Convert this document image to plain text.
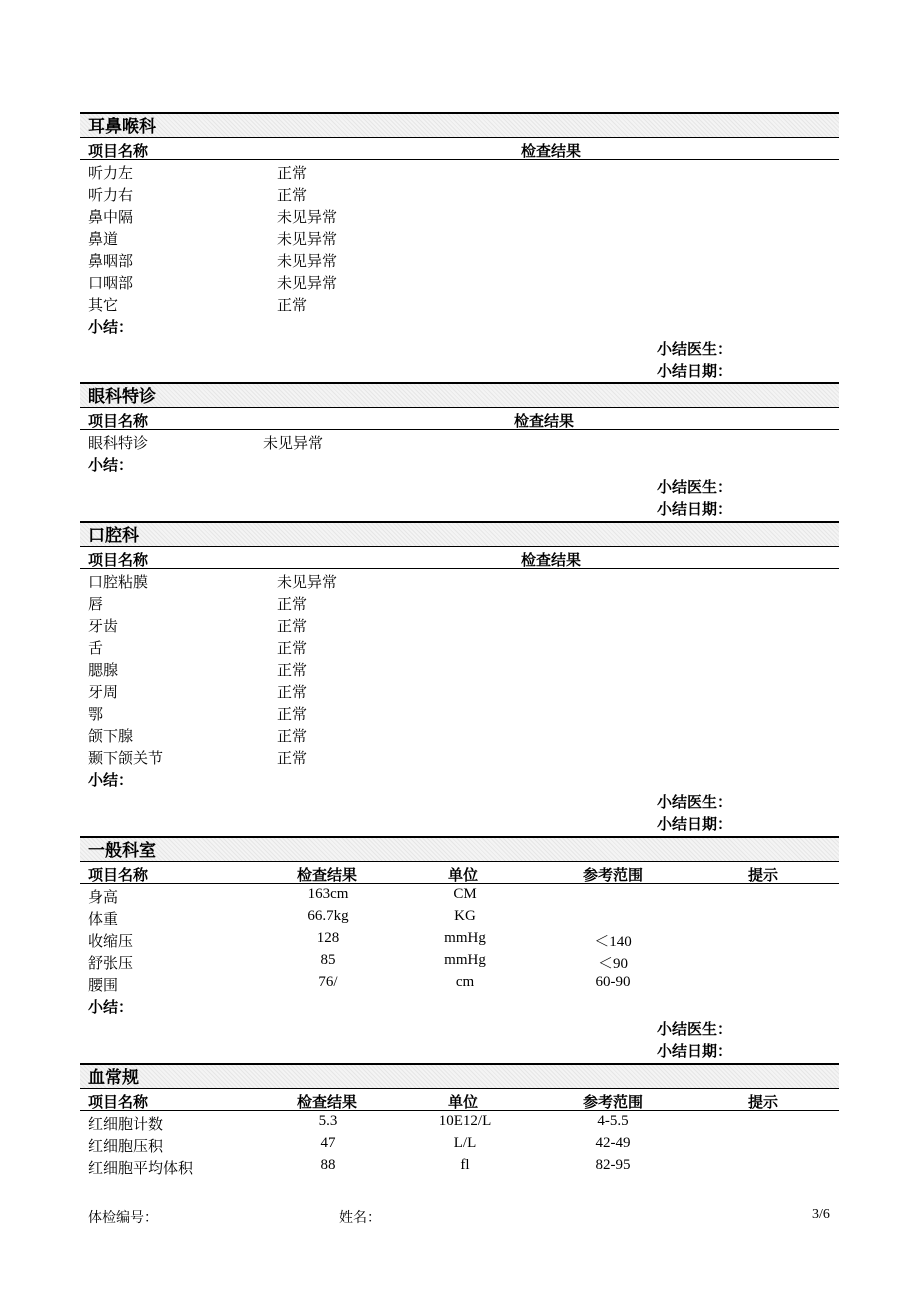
耳鼻喉科
项目名称	检查结果
听力左	正常
听力右	正常
鼻中隔	未见异常
鼻道	未见异常
鼻咽部	未见异常
口咽部	未见异常
其它	正常
小结：
小结医生：
小结日期：
眼科特诊
项目名称	检查结果
眼科特诊	未见异常
小结：
小结医生：
小结日期：
口腔科
项目名称	检查结果
口腔粘膜	未见异常
唇	正常
牙齿	正常
舌	正常
腮腺	正常
牙周	正常
鄂	正常
颌下腺	正常
颞下颌关节	正常
小结：
小结医生：
小结日期：
一般科室
项目名称	检查结果	单位	参考范围	提示
身高	163cm	CM
体重	66.7kg	KG
收缩压	128	mmHg	＜140
舒张压	85	mmHg	＜90
腰围	76/	cm	60-90
小结：
小结医生：
小结日期：
血常规
项目名称	检查结果	单位	参考范围	提示
红细胞计数	5.3	10E12/L	4-5.5
红细胞压积	47	L/L	42-49
红细胞平均体积	88	fl	82-95
体检编号：	姓名：	3/6
